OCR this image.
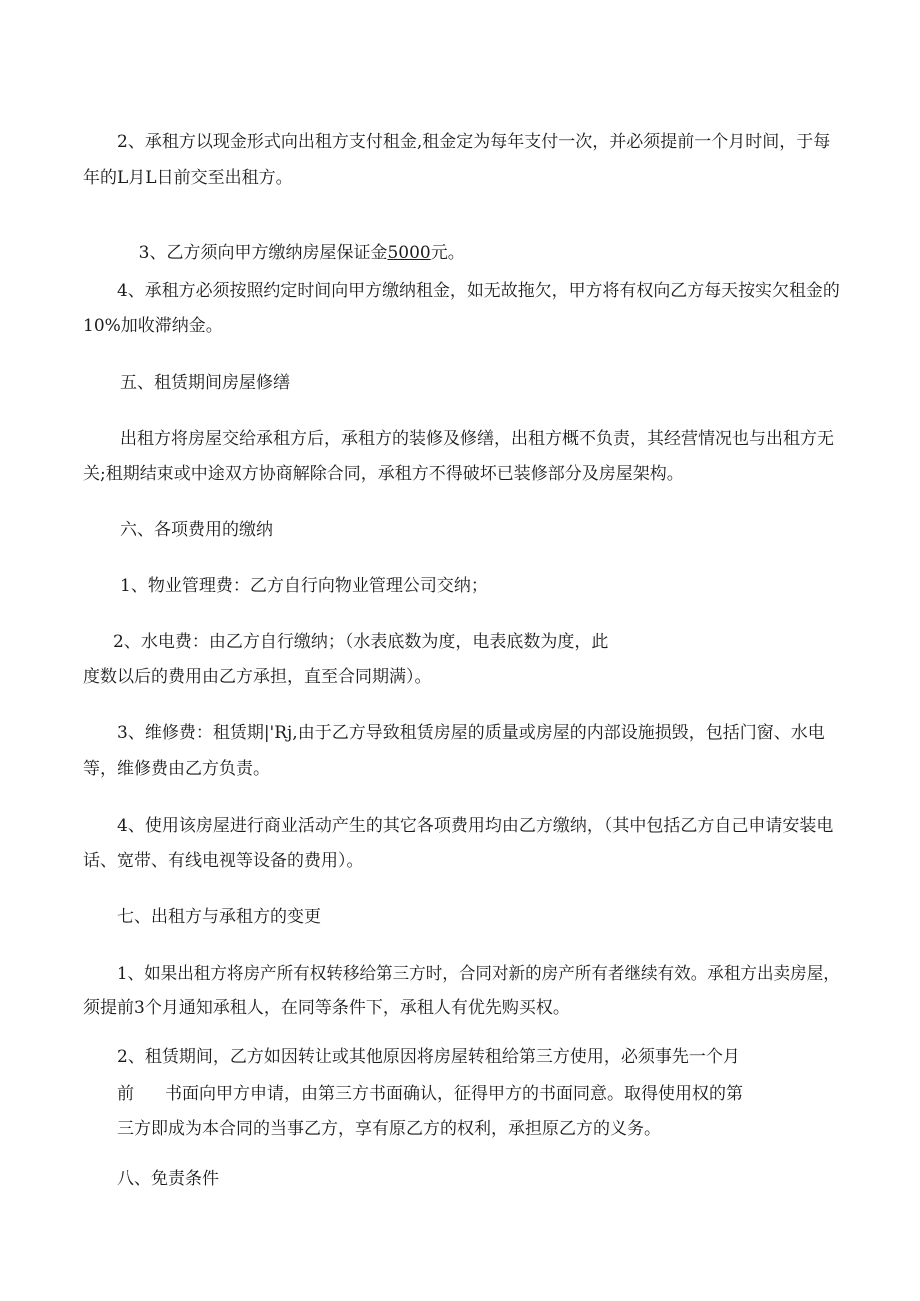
2、承租方以现金形式向出租方支付租金,租金定为每年支付一次，并必须提前一个月时间，于每
年的L月L日前交至出租方。

3、乙方须向甲方缴纳房屋保证金5000元。

4、承租方必须按照约定时间向甲方缴纳租金，如无故拖欠，甲方将有权向乙方每天按实欠租金的
10%加收滞纳金。
五、租赁期间房屋修缮
出租方将房屋交给承租方后，承租方的装修及修缮，出租方概不负责，其经营情况也与出租方无
关;租期结束或中途双方协商解除合同，承租方不得破坏已装修部分及房屋架构。
六、各项费用的缴纳
1、物业管理费：乙方自行向物业管理公司交纳；
2、水电费：由乙方自行缴纳；（水表底数为度，电表底数为度，此
度数以后的费用由乙方承担，直至合同期满）。
3、维修费：租赁期|'Rj,由于乙方导致租赁房屋的质量或房屋的内部设施损毁，包括门窗、水电
等，维修费由乙方负责。
4、使用该房屋进行商业活动产生的其它各项费用均由乙方缴纳，（其中包括乙方自己申请安装电
话、宽带、有线电视等设备的费用）。
七、出租方与承租方的变更
1、如果出租方将房产所有权转移给第三方时，合同对新的房产所有者继续有效。承租方出卖房屋，
须提前3个月通知承租人，在同等条件下，承租人有优先购买权。
2、租赁期间，乙方如因转让或其他原因将房屋转租给第三方使用，必须事先一个月
前 书面向甲方申请，由第三方书面确认，征得甲方的书面同意。取得使用权的第
三方即成为本合同的当事乙方，享有原乙方的权利，承担原乙方的义务。
八、免责条件
